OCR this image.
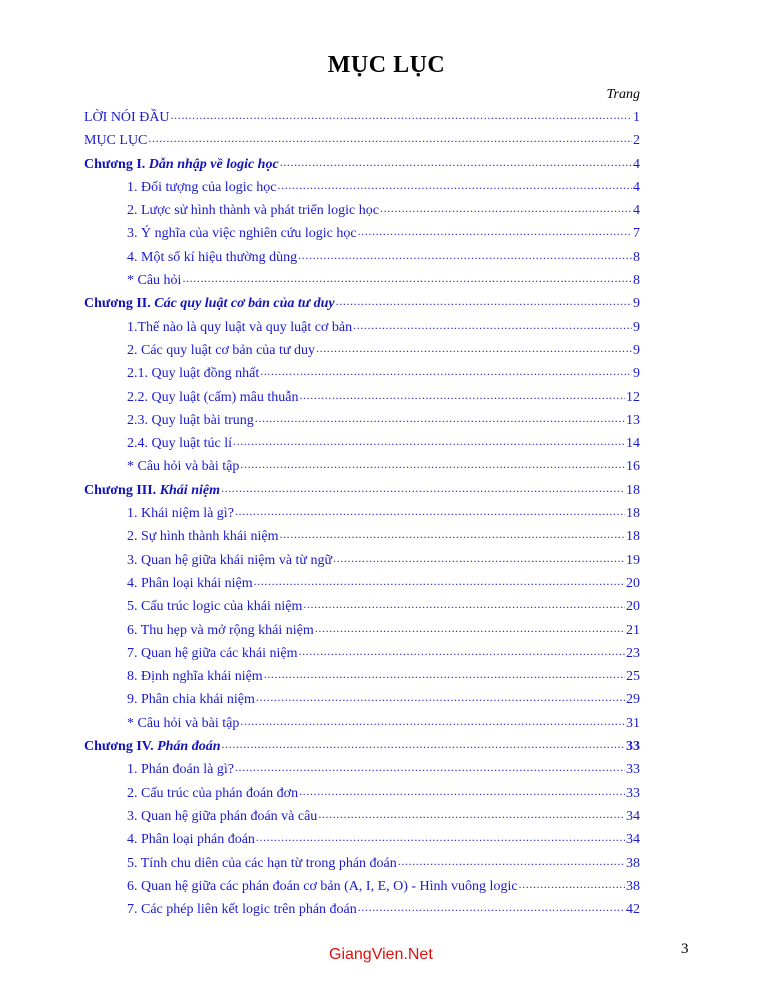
MỤC LỤC
Trang
LỜI NÓI ĐẦU .....	1
MỤC LỤC .....	2
Chương I. Dẫn nhập về logic học .....	4
1. Đối tượng của logic học .....	4
2. Lược sử hình thành và phát triển logic học .....	4
3. Ý nghĩa của việc nghiên cứu logic học .....	7
4. Một số kí hiệu thường dùng .....	8
* Câu hỏi .....	8
Chương II. Các quy luật cơ bản của tư duy .....	9
1.Thế nào là quy luật và quy luật cơ bản .....	9
2. Các quy luật cơ bản của tư duy .....	9
2.1. Quy luật đồng nhất .....	9
2.2. Quy luật (cấm) mâu thuẫn .....	12
2.3. Quy luật bài trung .....	13
2.4. Quy luật túc lí .....	14
* Câu hỏi và bài tập .....	16
Chương III. Khái niệm .....	18
1. Khái niệm là gì? .....	18
2. Sự hình thành khái niệm .....	18
3. Quan hệ giữa khái niệm và từ ngữ .....	19
4. Phân loại khái niệm .....	20
5. Cấu trúc logic của khái niệm .....	20
6. Thu hẹp và mở rộng khái niệm .....	21
7. Quan hệ giữa các khái niệm .....	23
8. Định nghĩa khái niệm .....	25
9. Phân chia khái niệm .....	29
* Câu hỏi và bài tập .....	31
Chương IV. Phán đoán .....	33
1. Phán đoán là gì? .....	33
2. Cấu trúc của phán đoán đơn .....	33
3. Quan hệ giữa phán đoán và câu .....	34
4. Phân loại phán đoán .....	34
5. Tính chu diên của các hạn từ trong phán đoán .....	38
6. Quan hệ giữa các phán đoán cơ bản (A, I, E, O) - Hình vuông logic .....	38
7. Các phép liên kết logic trên phán đoán .....	42
GiangVien.Net	3
